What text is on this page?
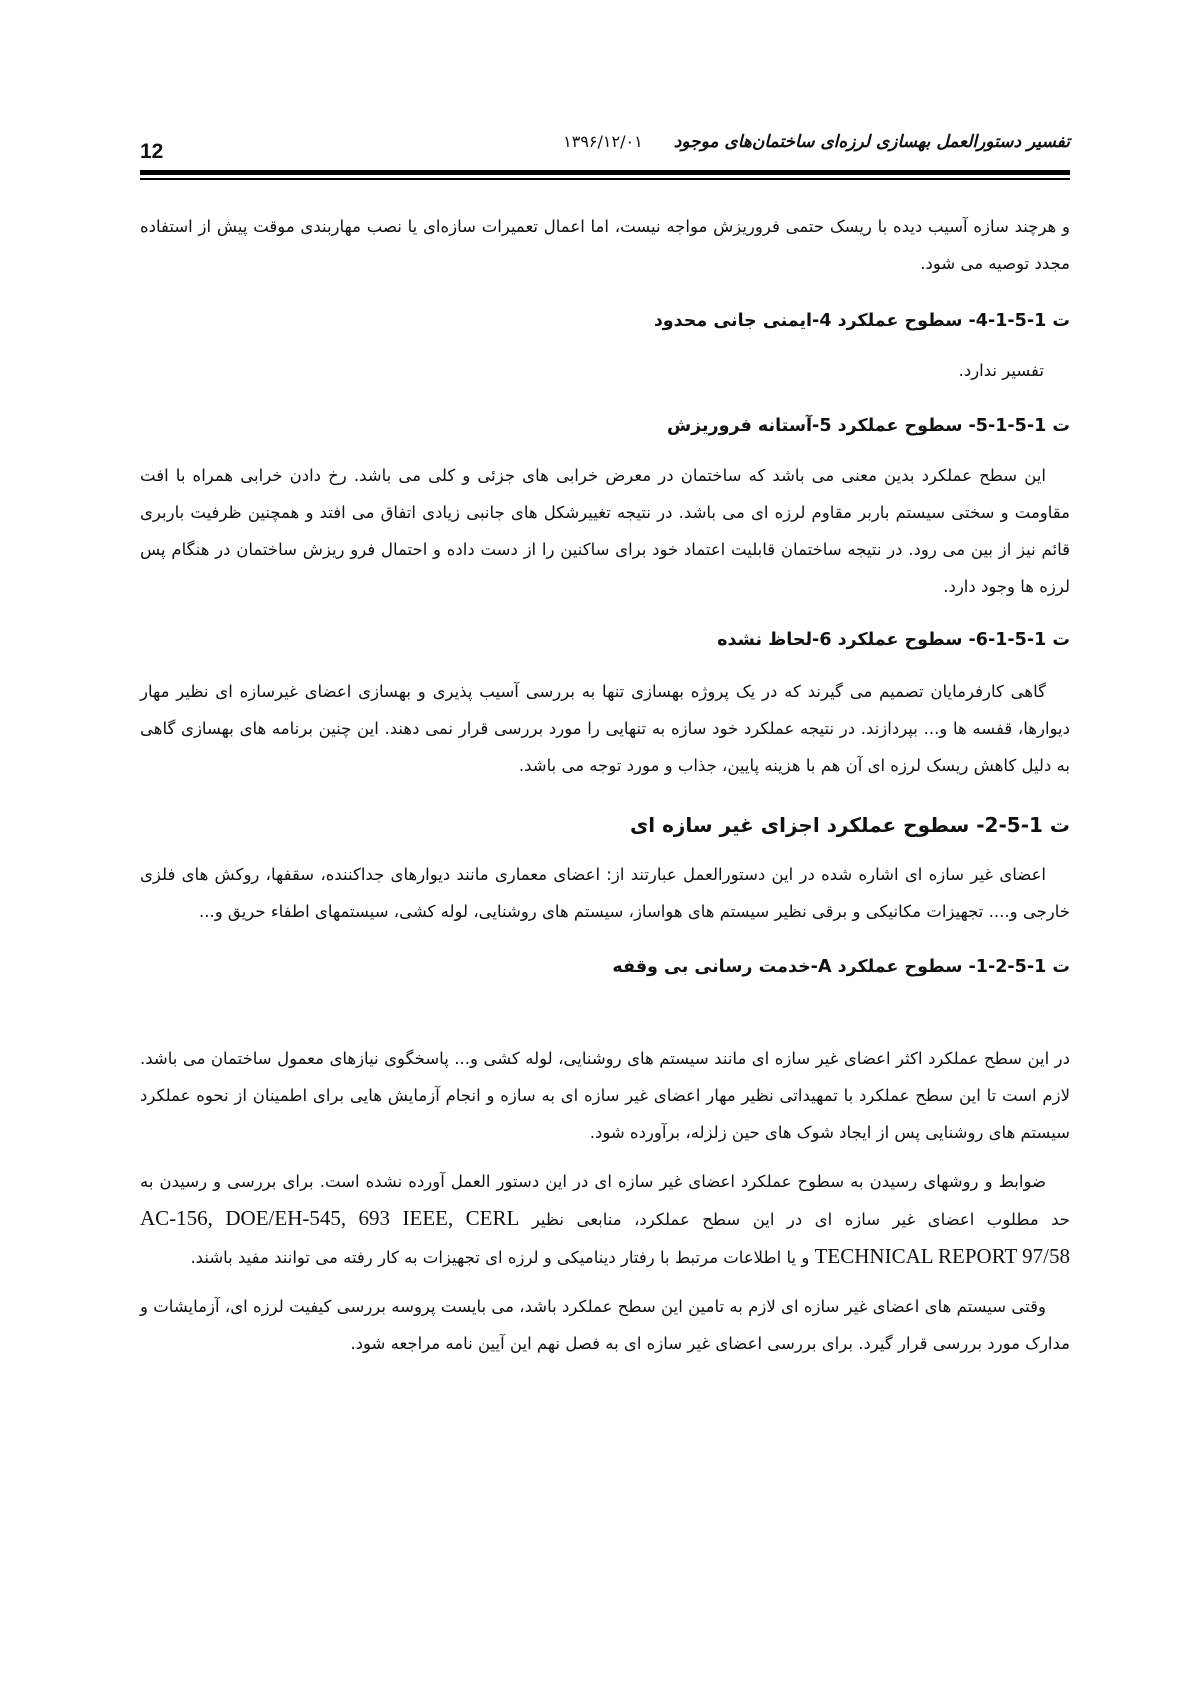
12	تفسیر دستورالعمل بهسازی لرزه‌ای ساختمان‌های موجود ۱۳۹۶/۱۲/۰۱

و هرچند سازه آسیب دیده با ریسک حتمی فروریزش مواجه نیست، اما اعمال تعمیرات سازه‌ای یا نصب مهاربندی موقت پیش از استفاده مجدد توصیه می شود.

ت 1-5-1-4- سطوح عملکرد 4-ایمنی جانی محدود

تفسیر ندارد.

ت 1-5-1-5- سطوح عملکرد 5-آستانه فروریزش

این سطح عملکرد بدین معنی می باشد که ساختمان در معرض خرابی های جزئی و کلی می باشد. رخ دادن خرابی همراه با افت مقاومت و سختی سیستم باربر مقاوم لرزه ای می باشد. در نتیجه تغییرشکل های جانبی زیادی اتفاق می افتد و همچنین ظرفیت باربری قائم نیز از بین می رود. در نتیجه ساختمان قابلیت اعتماد خود برای ساکنین را از دست داده و احتمال فرو ریزش ساختمان در هنگام پس لرزه ها وجود دارد.

ت 1-5-1-6- سطوح عملکرد 6-لحاظ نشده

گاهی کارفرمایان تصمیم می گیرند که در یک پروژه بهسازی تنها به بررسی آسیب پذیری و بهسازی اعضای غیرسازه ای نظیر مهار دیوارها، قفسه ها و... بپردازند. در نتیجه عملکرد خود سازه به تنهایی را مورد بررسی قرار نمی دهند. این چنین برنامه های بهسازی گاهی به دلیل کاهش ریسک لرزه ای آن هم با هزینه پایین، جذاب و مورد توجه می باشد.

ت 1-5-2- سطوح عملکرد اجزای غیر سازه ای

اعضای غیر سازه ای اشاره شده در این دستورالعمل عبارتند از: اعضای معماری مانند دیوارهای جداکننده، سقفها، روکش های فلزی خارجی و.... تجهیزات مکانیکی و برقی نظیر سیستم های هواساز، سیستم های روشنایی، لوله کشی، سیستمهای اطفاء حریق و...

ت 1-5-2-1- سطوح عملکرد A-خدمت رسانی بی وقفه

در این سطح عملکرد اکثر اعضای غیر سازه ای مانند سیستم های روشنایی، لوله کشی و... پاسخگوی نیازهای معمول ساختمان می باشد. لازم است تا این سطح عملکرد با تمهیداتی نظیر مهار اعضای غیر سازه ای به سازه و انجام آزمایش هایی برای اطمینان از نحوه عملکرد سیستم های روشنایی پس از ایجاد شوک های حین زلزله، برآورده شود.

ضوابط و روشهای رسیدن به سطوح عملکرد اعضای غیر سازه ای در این دستور العمل آورده نشده است. برای بررسی و رسیدن به حد مطلوب اعضای غیر سازه ای در این سطح عملکرد، منابعی نظیر AC-156, DOE/EH-545, 693 IEEE, CERL TECHNICAL REPORT 97/58 و یا اطلاعات مرتبط با رفتار دینامیکی و لرزه ای تجهیزات به کار رفته می توانند مفید باشند.

وقتی سیستم های اعضای غیر سازه ای لازم به تامین این سطح عملکرد باشد، می بایست پروسه بررسی کیفیت لرزه ای، آزمایشات و مدارک مورد بررسی قرار گیرد. برای بررسی اعضای غیر سازه ای به فصل نهم این آیین نامه مراجعه شود.
